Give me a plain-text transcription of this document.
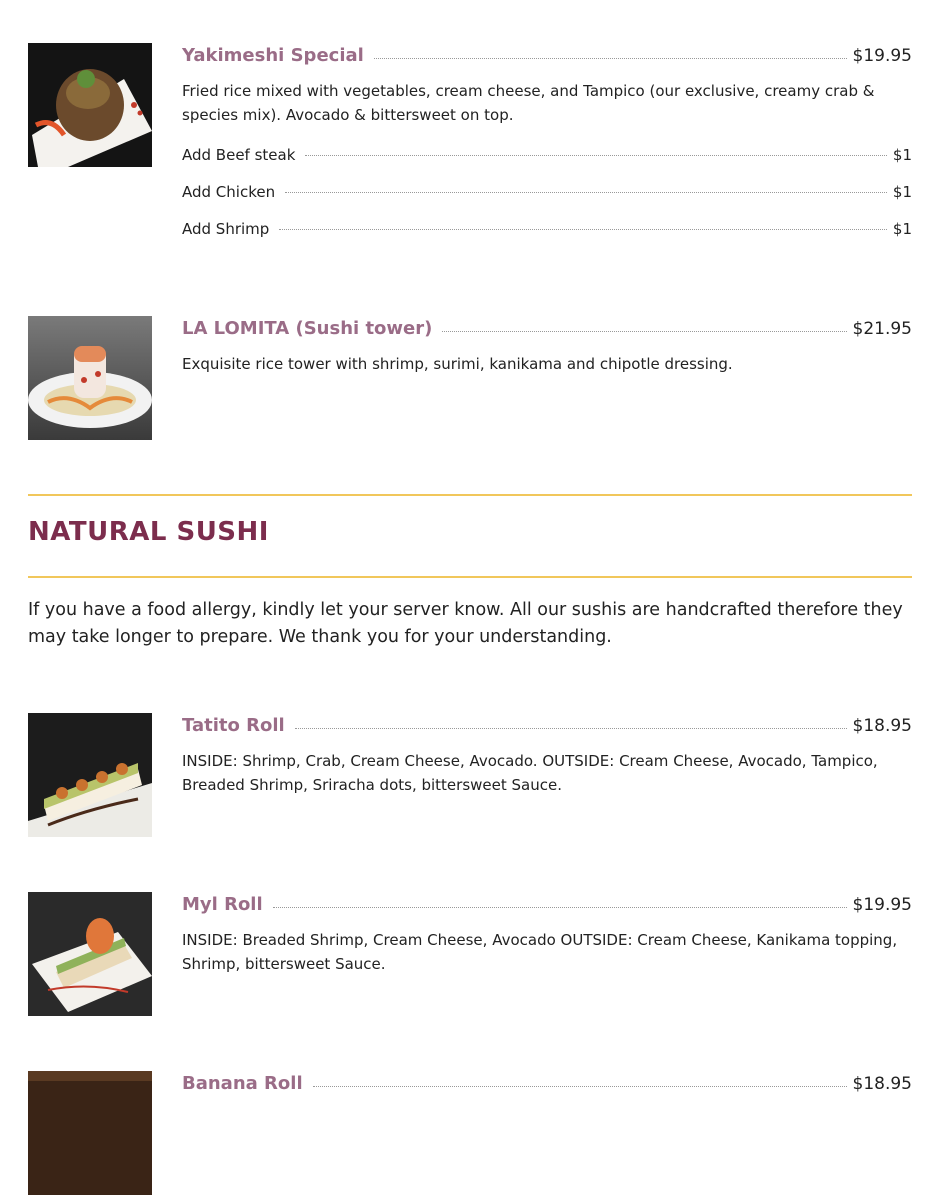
Yakimeshi Special	$19.95
Fried rice mixed with vegetables, cream cheese, and Tampico (our exclusive, creamy crab & species mix). Avocado & bittersweet on top.
Add Beef steak	$1
Add Chicken	$1
Add Shrimp	$1
LA LOMITA (Sushi tower)	$21.95
Exquisite rice tower with shrimp, surimi, kanikama and chipotle dressing.
NATURAL SUSHI
If you have a food allergy, kindly let your server know. All our sushis are handcrafted therefore they may take longer to prepare. We thank you for your understanding.
Tatito Roll	$18.95
INSIDE: Shrimp, Crab, Cream Cheese, Avocado. OUTSIDE: Cream Cheese, Avocado, Tampico, Breaded Shrimp, Sriracha dots, bittersweet Sauce.
Myl Roll	$19.95
INSIDE: Breaded Shrimp, Cream Cheese, Avocado OUTSIDE: Cream Cheese, Kanikama topping, Shrimp, bittersweet Sauce.
Banana Roll	$18.95
